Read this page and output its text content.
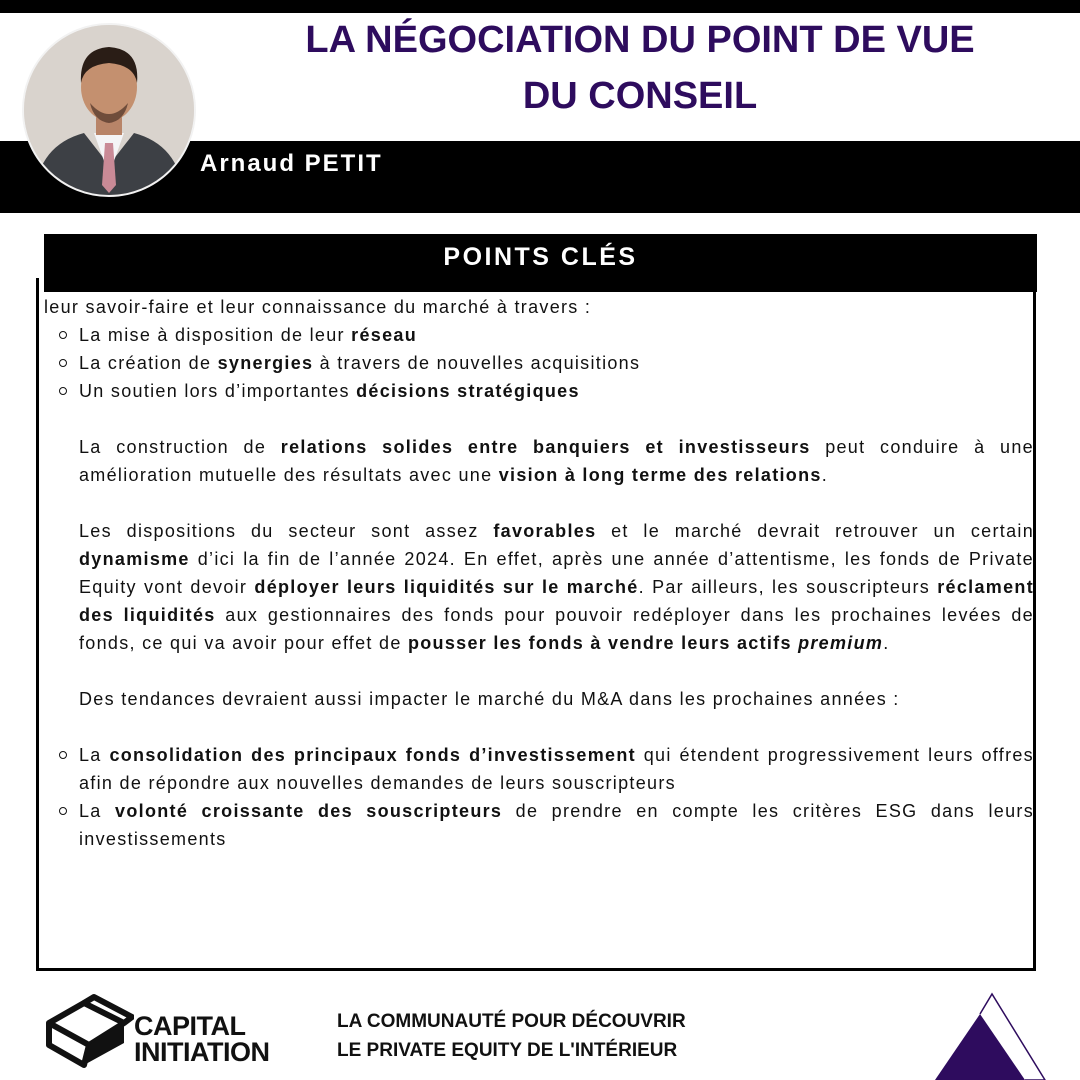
LA NÉGOCIATION DU POINT DE VUE
DU CONSEIL
Arnaud PETIT
POINTS CLÉS

leur savoir-faire et leur connaissance du marché à travers :

La mise à disposition de leur réseau

La création de synergies à travers de nouvelles acquisitions

Un soutien lors d’importantes décisions stratégiques

La construction de relations solides entre banquiers et investisseurs peut conduire à une amélioration mutuelle des résultats avec une vision à long terme des relations.

Les dispositions du secteur sont assez favorables et le marché devrait retrouver un certain dynamisme d’ici la fin de l’année 2024. En effet, après une année d’attentisme, les fonds de Private Equity vont devoir déployer leurs liquidités sur le marché. Par ailleurs, les souscripteurs réclament des liquidités aux gestionnaires des fonds pour pouvoir redéployer dans les prochaines levées de fonds, ce qui va avoir pour effet de pousser les fonds à vendre leurs actifs premium.

Des tendances devraient aussi impacter le marché du M&A dans les prochaines années :

La consolidation des principaux fonds d’investissement qui étendent progressivement leurs offres afin de répondre aux nouvelles demandes de leurs souscripteurs

La volonté croissante des souscripteurs de prendre en compte les critères ESG dans leurs investissements

CAPITAL
INITIATION
LA COMMUNAUTÉ POUR DÉCOUVRIR
LE PRIVATE EQUITY DE L'INTÉRIEUR
